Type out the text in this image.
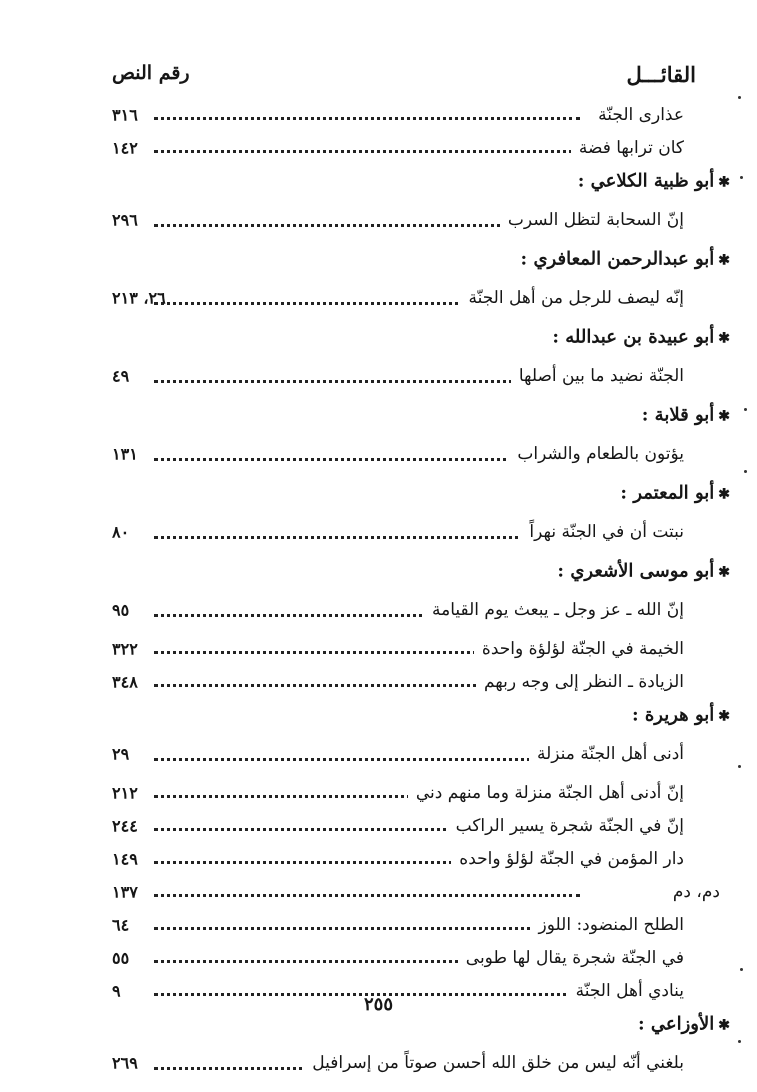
القائـــل
رقم النص
عذارى الجنّة
٣١٦
كان ترابها فضة
١٤٢
✱أبو ظبية الكلاعي :
إنّ السحابة لتظل السرب
٢٩٦
✱أبو عبدالرحمن المعافري :
إنّه ليصف للرجل من أهل الجنّة
٢٦، ٢١٣
✱أبو عبيدة بن عبدالله :
الجنّة نضيد ما بين أصلها
٤٩
✱أبو قلابة :
يؤتون بالطعام والشراب
١٣١
✱أبو المعتمر :
نبتت أن في الجنّة نهراً
٨٠
✱أبو موسى الأشعري :
إنّ الله ـ عز وجل ـ يبعث يوم القيامة
٩٥
الخيمة في الجنّة لؤلؤة واحدة
٣٢٢
الزيادة ـ النظر إلى وجه ربهم
٣٤٨
✱أبو هريرة :
أدنى أهل الجنّة منزلة
٢٩
إنّ أدنى أهل الجنّة منزلة وما منهم دني
٢١٢
إنّ في الجنّة شجرة يسير الراكب
٢٤٤
دار المؤمن في الجنّة لؤلؤ واحده
١٤٩
دم، دم
١٣٧
الطلح المنضود: اللوز
٦٤
في الجنّة شجرة يقال لها طوبى
٥٥
ينادي أهل الجنّة
٩
✱الأوزاعي :
بلغني أنّه ليس من خلق الله أحسن صوتاً من إسرافيل
٢٦٩
٢٥٥
